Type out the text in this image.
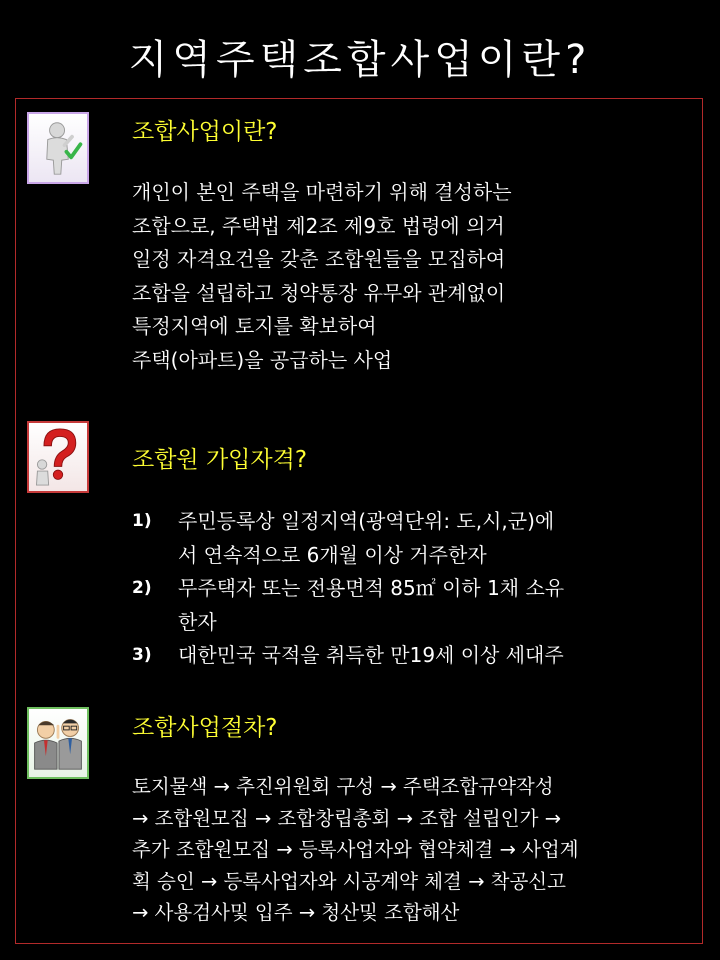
지역주택조합사업이란?
조합사업이란?
개인이 본인 주택을 마련하기 위해 결성하는
조합으로, 주택법 제2조 제9호 법령에 의거
일정 자격요건을 갖춘 조합원들을 모집하여
조합을 설립하고 청약통장 유무와 관계없이
특정지역에 토지를 확보하여
주택(아파트)을 공급하는 사업
조합원 가입자격?
1) 주민등록상 일정지역(광역단위: 도,시,군)에
서 연속적으로 6개월 이상 거주한자
2) 무주택자 또는 전용면적 85㎡ 이하 1채 소유
한자
3) 대한민국 국적을 취득한 만19세 이상 세대주
조합사업절차?
토지물색 → 추진위원회 구성 → 주택조합규약작성
→ 조합원모집 → 조합창립총회 → 조합 설립인가 →
추가 조합원모집 → 등록사업자와 협약체결 → 사업계
획 승인 → 등록사업자와 시공계약 체결 → 착공신고
→ 사용검사및 입주 → 청산및 조합해산
